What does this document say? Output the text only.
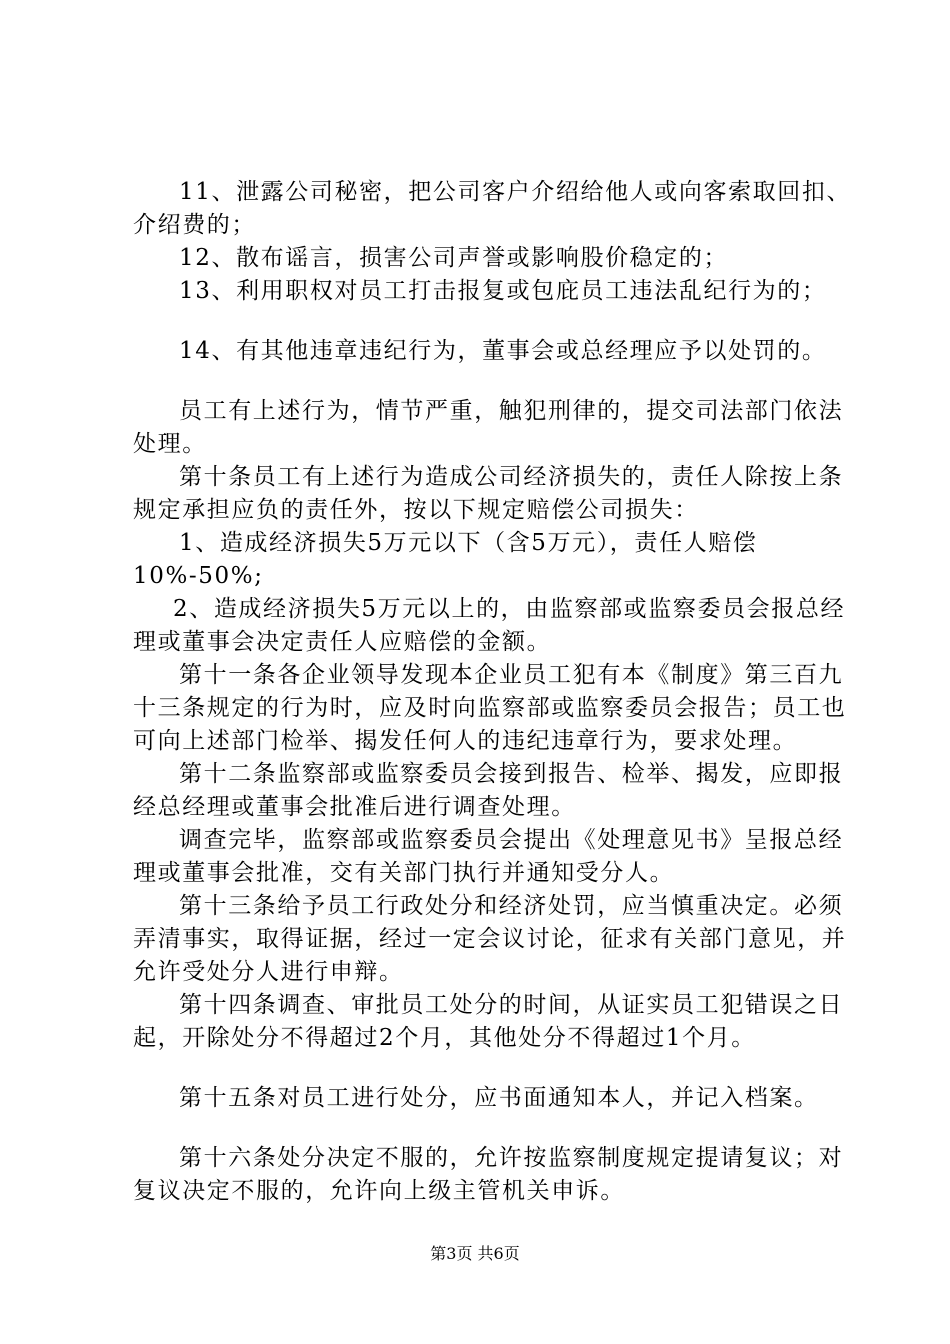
11、泄露公司秘密，把公司客户介绍给他人或向客索取回扣、介绍费的；

12、散布谣言，损害公司声誉或影响股价稳定的；

13、利用职权对员工打击报复或包庇员工违法乱纪行为的；

14、有其他违章违纪行为，董事会或总经理应予以处罚的。

员工有上述行为，情节严重，触犯刑律的，提交司法部门依法处理。

第十条员工有上述行为造成公司经济损失的，责任人除按上条规定承担应负的责任外，按以下规定赔偿公司损失：

1、造成经济损失5万元以下（含5万元），责任人赔偿10%-50%;

2、造成经济损失5万元以上的，由监察部或监察委员会报总经理或董事会决定责任人应赔偿的金额。

第十一条各企业领导发现本企业员工犯有本《制度》第三百九十三条规定的行为时，应及时向监察部或监察委员会报告；员工也可向上述部门检举、揭发任何人的违纪违章行为，要求处理。

第十二条监察部或监察委员会接到报告、检举、揭发，应即报经总经理或董事会批准后进行调查处理。

调查完毕，监察部或监察委员会提出《处理意见书》呈报总经理或董事会批准，交有关部门执行并通知受分人。

第十三条给予员工行政处分和经济处罚，应当慎重决定。必须弄清事实，取得证据，经过一定会议讨论，征求有关部门意见，并允许受处分人进行申辩。

第十四条调查、审批员工处分的时间，从证实员工犯错误之日起，开除处分不得超过2个月，其他处分不得超过1个月。

第十五条对员工进行处分，应书面通知本人，并记入档案。

第十六条处分决定不服的，允许按监察制度规定提请复议；对复议决定不服的，允许向上级主管机关申诉。

第3页 共6页
